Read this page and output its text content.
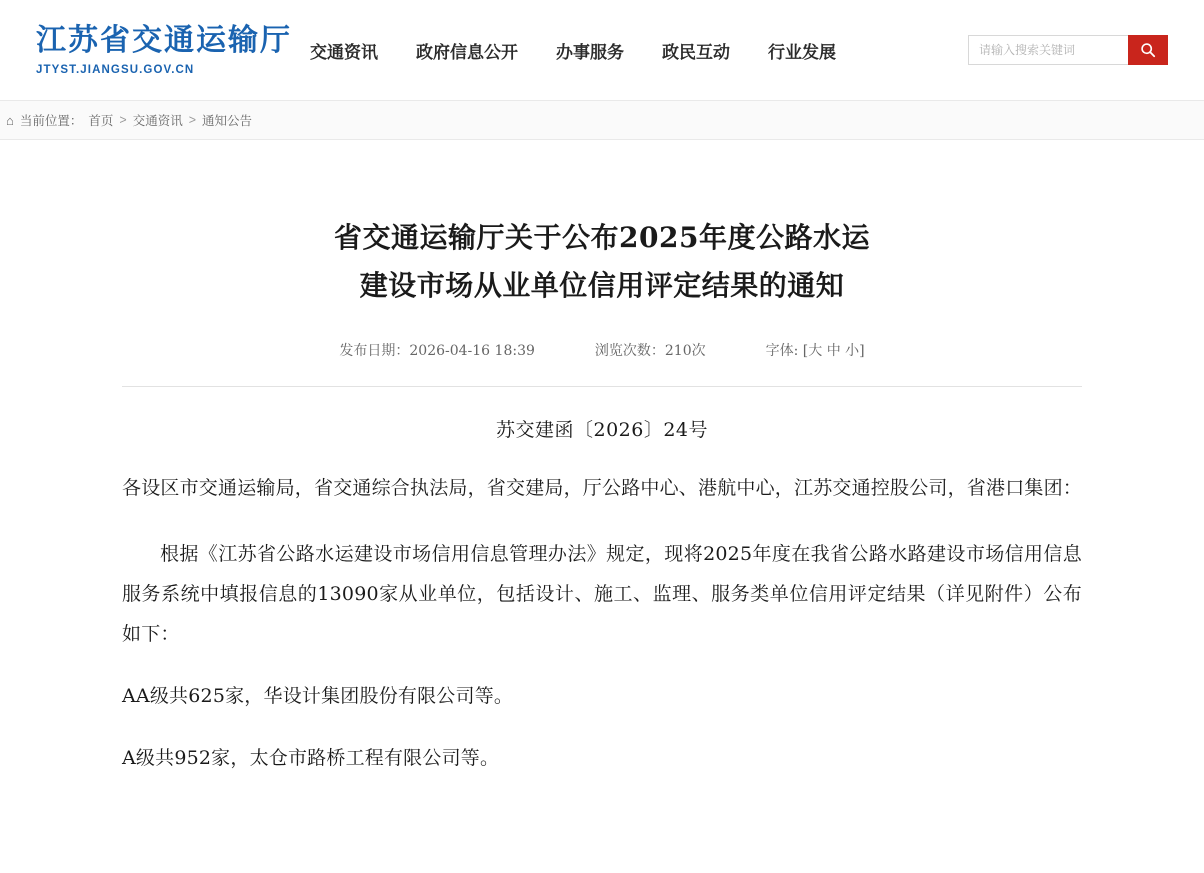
江苏省交通运输厅
JTYST.JIANGSU.GOV.CN
交通资讯 政府信息公开 办事服务 政民互动 行业发展
请输入搜索关键词
⌂ 当前位置： 首页 > 交通资讯 > 通知公告
省交通运输厅关于公布2025年度公路水运
建设市场从业单位信用评定结果的通知
发布日期：2026-04-16 18:39	浏览次数：210次	字体: [大 中 小]
苏交建函〔2026〕24号
各设区市交通运输局，省交通综合执法局，省交建局，厅公路中心、港航中心，江苏交通控股公司，省港口集团：
根据《江苏省公路水运建设市场信用信息管理办法》规定，现将2025年度在我省公路水路建设市场信用信息服务系统中填报信息的13090家从业单位，包括设计、施工、监理、服务类单位信用评定结果（详见附件）公布如下：
AA级共625家，华设计集团股份有限公司等。
A级共952家，太仓市路桥工程有限公司等。
